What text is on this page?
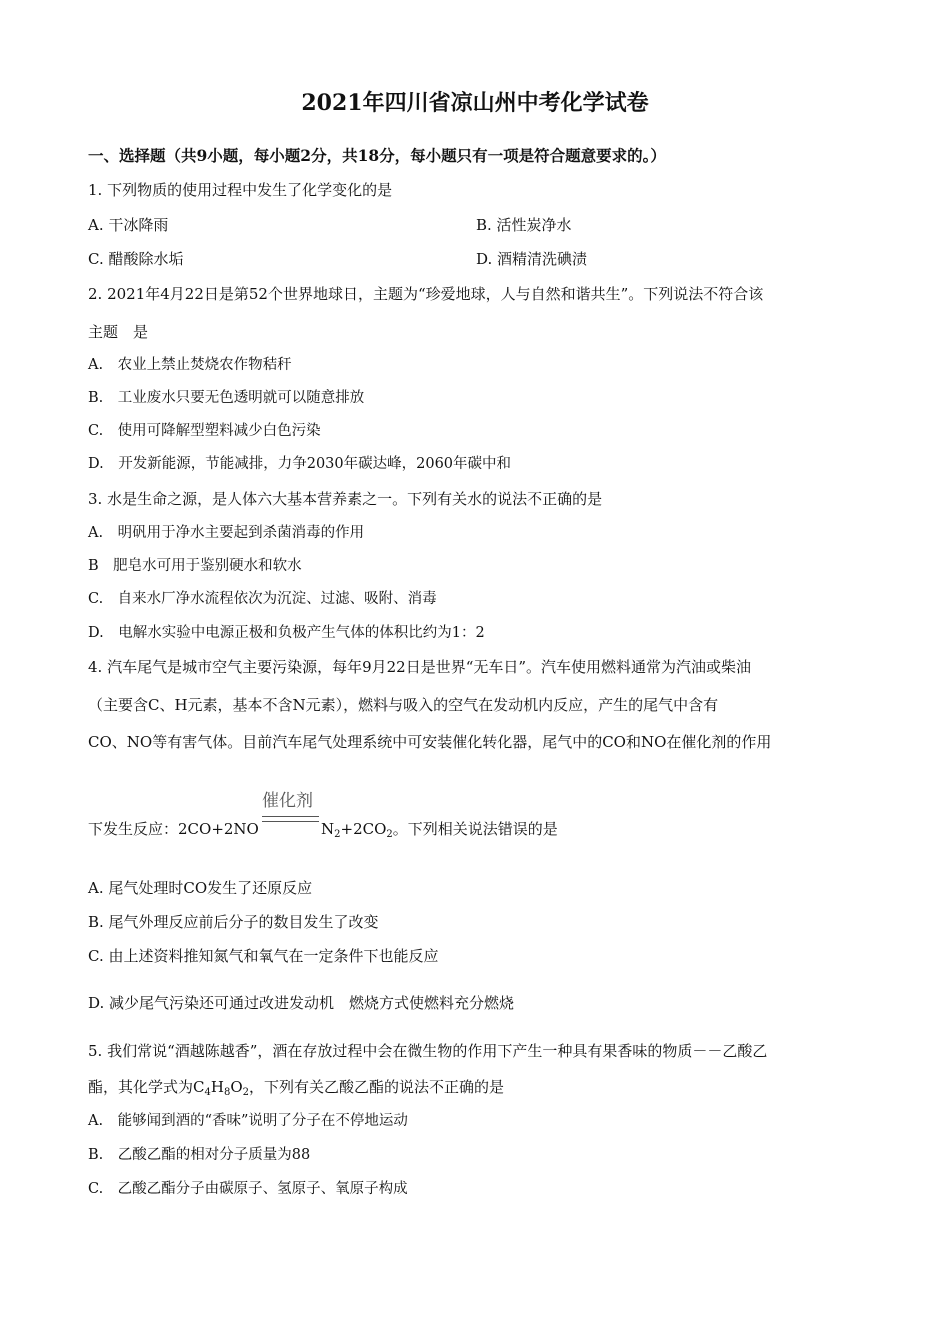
2021年四川省凉山州中考化学试卷
一、选择题（共9小题，每小题2分，共18分，每小题只有一项是符合题意要求的。）
1. 下列物质的使用过程中发生了化学变化的是
A. 干冰降雨	B. 活性炭净水
C. 醋酸除水垢	D. 酒精清洗碘渍
2. 2021年4月22日是第52个世界地球日，主题为“珍爱地球，人与自然和谐共生”。下列说法不符合该
主题　是
A.　农业上禁止焚烧农作物秸秆
B.　工业废水只要无色透明就可以随意排放
C.　使用可降解型塑料减少白色污染
D.　开发新能源，节能减排，力争2030年碳达峰，2060年碳中和
3. 水是生命之源，是人体六大基本营养素之一。下列有关水的说法不正确的是
A.　明矾用于净水主要起到杀菌消毒的作用
B　肥皂水可用于鉴别硬水和软水
C.　自来水厂净水流程依次为沉淀、过滤、吸附、消毒
D.　电解水实验中电源正极和负极产生气体的体积比约为1：2
4. 汽车尾气是城市空气主要污染源，每年9月22日是世界“无车日”。汽车使用燃料通常为汽油或柴油
（主要含C、H元素，基本不含N元素），燃料与吸入的空气在发动机内反应，产生的尾气中含有
CO、NO等有害气体。目前汽车尾气处理系统中可安装催化转化器，尾气中的CO和NO在催化剂的作用
催化剂
下发生反应：2CO+2NO	$N_2+2CO_2$。下列相关说法错误的是
A. 尾气处理时CO发生了还原反应
B. 尾气外理反应前后分子的数目发生了改变
C. 由上述资料推知氮气和氧气在一定条件下也能反应
D. 减少尾气污染还可通过改进发动机　燃烧方式使燃料充分燃烧
5. 我们常说“酒越陈越香”，酒在存放过程中会在微生物的作用下产生一种具有果香味的物质－－乙酸乙
酯，其化学式为$C_4H_8O_2$，下列有关乙酸乙酯的说法不正确的是
A.　能够闻到酒的“香味”说明了分子在不停地运动
B.　乙酸乙酯的相对分子质量为88
C.　乙酸乙酯分子由碳原子、氢原子、氧原子构成
